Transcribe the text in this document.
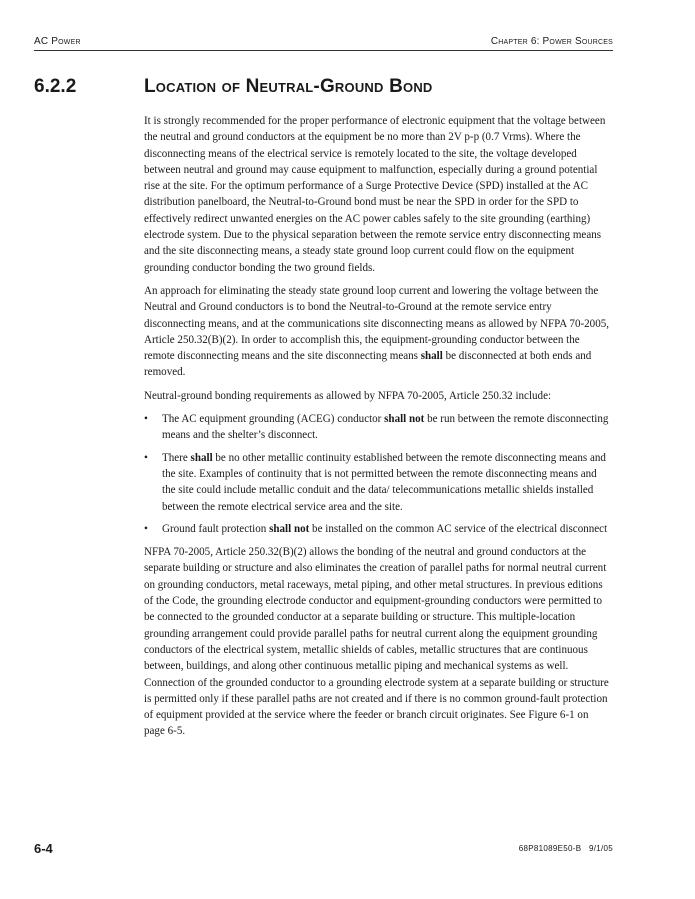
AC Power	Chapter 6: Power Sources
6.2.2	Location of Neutral-Ground Bond

It is strongly recommended for the proper performance of electronic equipment that the voltage between the neutral and ground conductors at the equipment be no more than 2V p-p (0.7 Vrms). Where the disconnecting means of the electrical service is remotely located to the site, the voltage developed between neutral and ground may cause equipment to malfunction, especially during a ground potential rise at the site. For the optimum performance of a Surge Protective Device (SPD) installed at the AC distribution panelboard, the Neutral-to-Ground bond must be near the SPD in order for the SPD to effectively redirect unwanted energies on the AC power cables safely to the site grounding (earthing) electrode system. Due to the physical separation between the remote service entry disconnecting means and the site disconnecting means, a steady state ground loop current could flow on the equipment grounding conductor bonding the two ground fields.

An approach for eliminating the steady state ground loop current and lowering the voltage between the Neutral and Ground conductors is to bond the Neutral-to-Ground at the remote service entry disconnecting means, and at the communications site disconnecting means as allowed by NFPA 70-2005, Article 250.32(B)(2). In order to accomplish this, the equipment-grounding conductor between the remote disconnecting means and the site disconnecting means shall be disconnected at both ends and removed.

Neutral-ground bonding requirements as allowed by NFPA 70-2005, Article 250.32 include:

• The AC equipment grounding (ACEG) conductor shall not be run between the remote disconnecting means and the shelter’s disconnect.
• There shall be no other metallic continuity established between the remote disconnecting means and the site. Examples of continuity that is not permitted between the remote disconnecting means and the site could include metallic conduit and the data/ telecommunications metallic shields installed between the remote electrical service area and the site.
• Ground fault protection shall not be installed on the common AC service of the electrical disconnect

NFPA 70-2005, Article 250.32(B)(2) allows the bonding of the neutral and ground conductors at the separate building or structure and also eliminates the creation of parallel paths for normal neutral current on grounding conductors, metal raceways, metal piping, and other metal structures. In previous editions of the Code, the grounding electrode conductor and equipment-grounding conductors were permitted to be connected to the grounded conductor at a separate building or structure. This multiple-location grounding arrangement could provide parallel paths for neutral current along the equipment grounding conductors of the electrical system, metallic shields of cables, metallic structures that are continuous between, buildings, and along other continuous metallic piping and mechanical systems as well. Connection of the grounded conductor to a grounding electrode system at a separate building or structure is permitted only if these parallel paths are not created and if there is no common ground-fault protection of equipment provided at the service where the feeder or branch circuit originates. See Figure 6-1 on page 6-5.

6-4	68P81089E50-B   9/1/05
